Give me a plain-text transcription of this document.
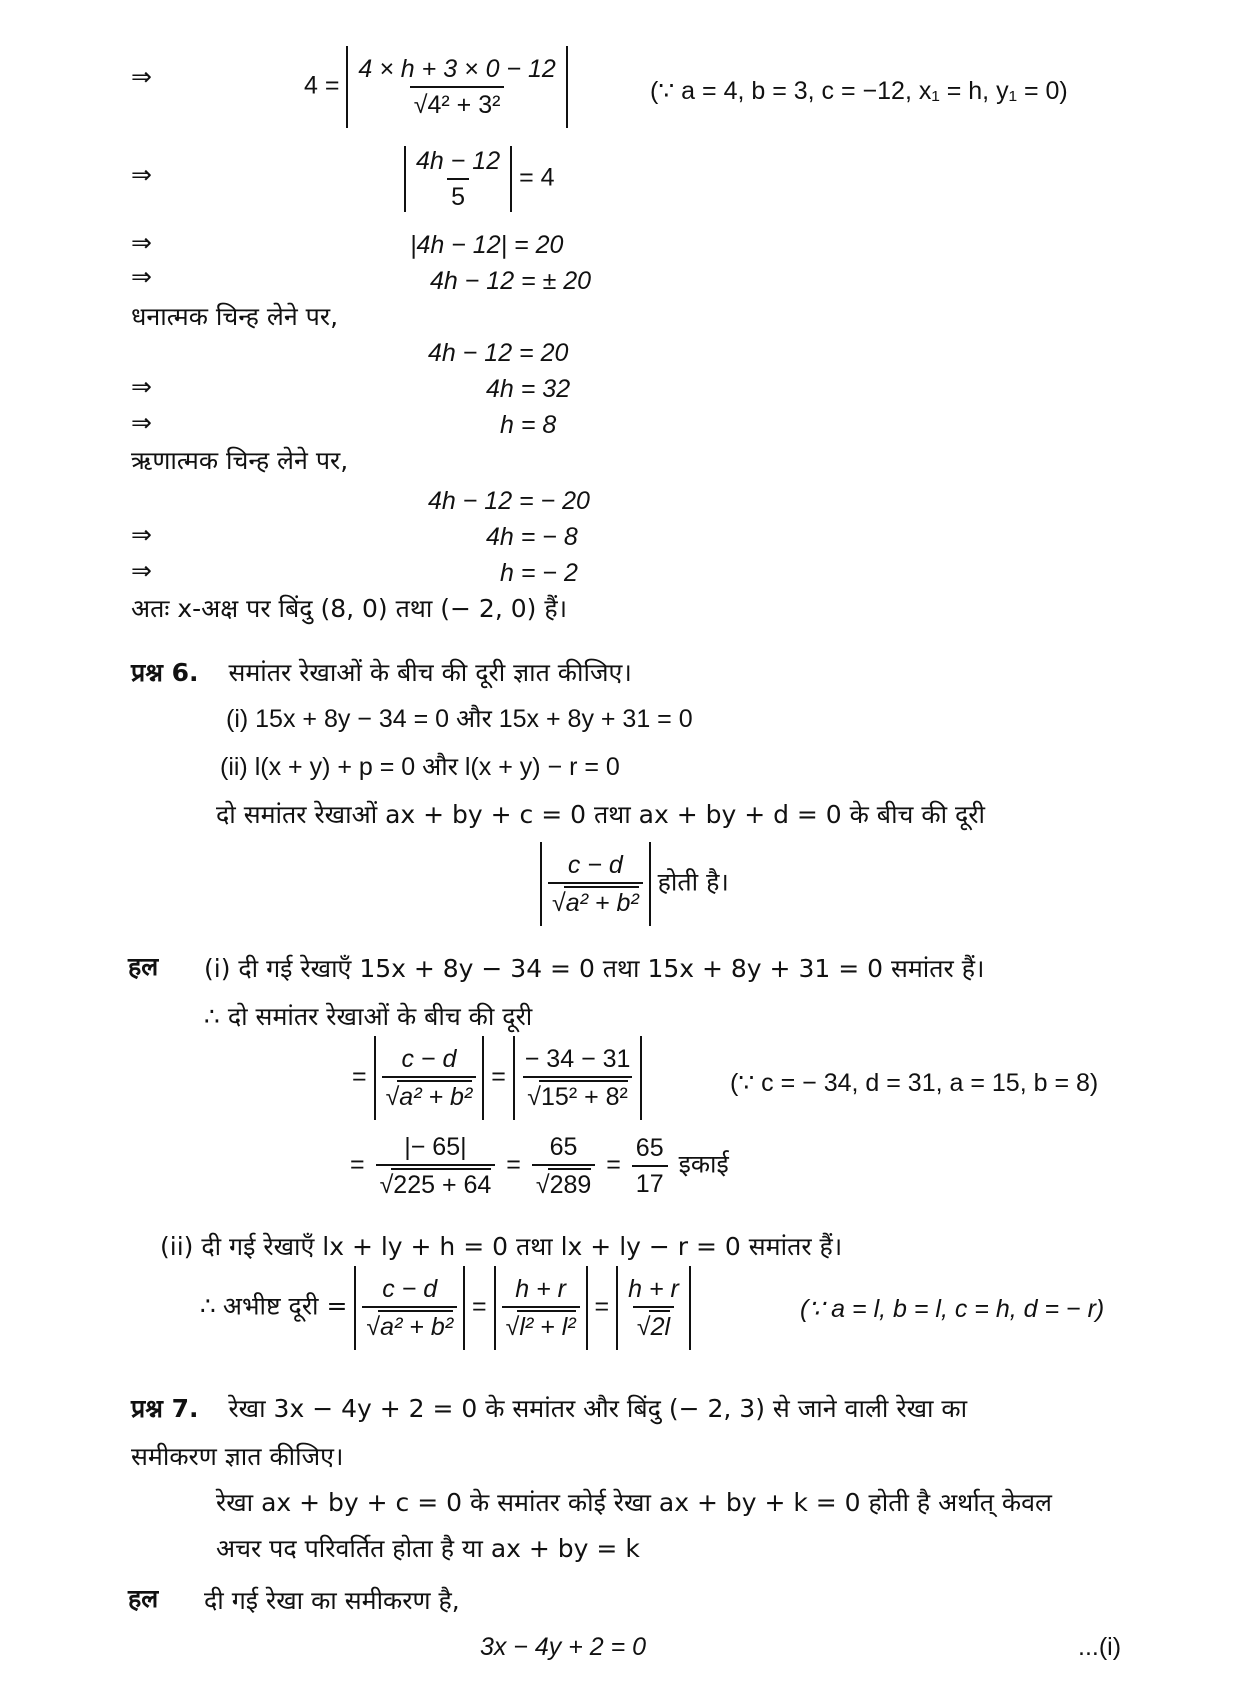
⇒	$4 = \frac{4 \times h + 3 \times 0 - 12}{\text{√4² + 3²}}$	(∵ a = 4, b = 3, c = −12, x₁ = h, y₁ = 0)
⇒	$\frac{4h - 12}{5} = 4$
⇒	|4h − 12| = 20
⇒	4h − 12 = ± 20
धनात्मक चिन्ह लेने पर,
4h − 12 = 20
⇒	4h = 32
⇒	h = 8
ऋणात्मक चिन्ह लेने पर,
4h − 12 = − 20
⇒	4h = − 8
⇒	h = − 2
अतः x-अक्ष पर बिंदु (8, 0) तथा (− 2, 0) हैं।
प्रश्न 6. समांतर रेखाओं के बीच की दूरी ज्ञात कीजिए।
(i) 15x + 8y − 34 = 0 और 15x + 8y + 31 = 0
(ii) l(x + y) + p = 0 और l(x + y) − r = 0
दो समांतर रेखाओं ax + by + c = 0 तथा ax + by + d = 0 के बीच की दूरी
$\frac{c - d}{\text{√a² + b²}}$ होती है।
हल (i) दी गई रेखाएँ 15x + 8y − 34 = 0 तथा 15x + 8y + 31 = 0 समांतर हैं।
∴ दो समांतर रेखाओं के बीच की दूरी
= $\frac{c - d}{\text{√a² + b²}} = \frac{- 34 - 31}{\text{√15² + 8²}}$	(∵ c = − 34, d = 31, a = 15, b = 8)
= $\frac{|- 65|}{√225 + 64} = \frac{65}{√289} = \frac{65}{17}$ इकाई
(ii) दी गई रेखाएँ lx + ly + h = 0 तथा lx + ly − r = 0 समांतर हैं।
∴ अभीष्ट दूरी = $\frac{c - d}{\text{√a² + b²}} = \frac{h + r}{\text{√l² + l²}} = \frac{h + r}{√2l}$	(∵ a = l, b = l, c = h, d = − r)
प्रश्न 7. रेखा 3x − 4y + 2 = 0 के समांतर और बिंदु (− 2, 3) से जाने वाली रेखा का
समीकरण ज्ञात कीजिए।
रेखा ax + by + c = 0 के समांतर कोई रेखा ax + by + k = 0 होती है अर्थात् केवल
अचर पद परिवर्तित होता है या ax + by = k
हल दी गई रेखा का समीकरण है,
3x − 4y + 2 = 0	...(i)
